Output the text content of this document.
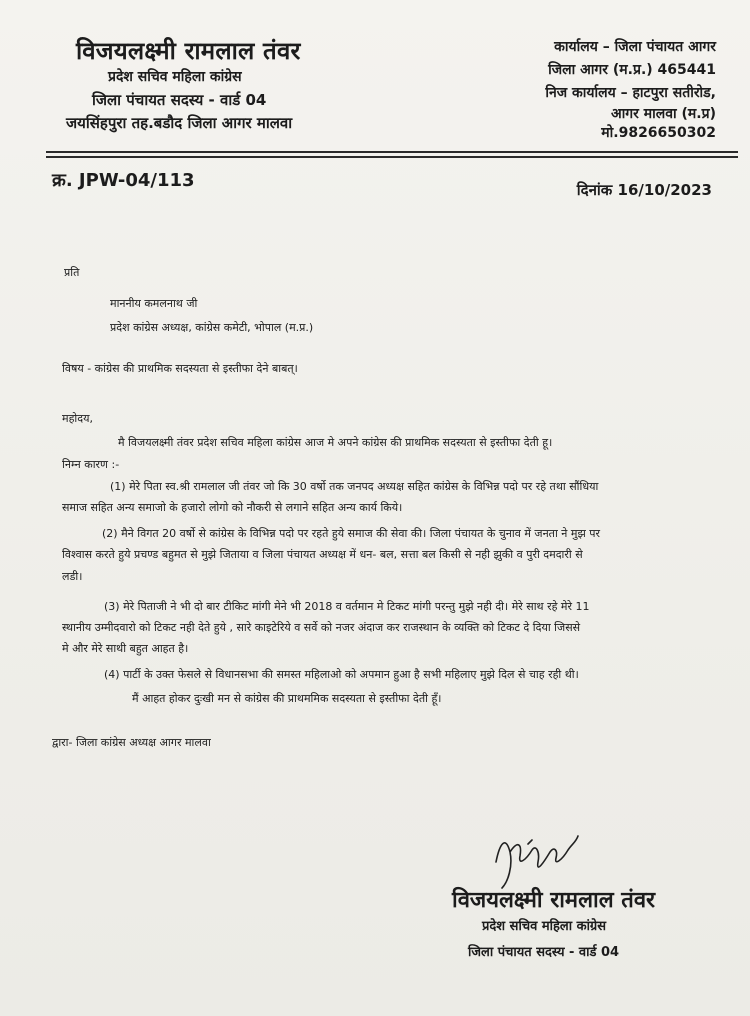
विजयलक्ष्मी रामलाल तंवर
प्रदेश सचिव महिला कांग्रेस
जिला पंचायत सदस्य - वार्ड 04
जयसिंहपुरा तह.बडौद जिला आगर मालवा
कार्यालय – जिला पंचायत आगर
जिला आगर (म.प्र.) 465441
निज कार्यालय – हाटपुरा सतीरोड,
आगर मालवा (म.प्र)
मो.9826650302
क्र. JPW-04/113	दिनांक 16/10/2023
प्रति
माननीय कमलनाथ जी
प्रदेश कांग्रेस अध्यक्ष, कांग्रेस कमेटी, भोपाल (म.प्र.)
विषय - कांग्रेस की प्राथमिक सदस्यता से इस्तीफा देने बाबत्।
महोदय,
मै विजयलक्ष्मी तंवर प्रदेश सचिव महिला कांग्रेस आज मे अपने कांग्रेस की प्राथमिक सदस्यता से इस्तीफा देती हू।
निम्न कारण :-
(1) मेरे पिता स्व.श्री रामलाल जी तंवर जो कि 30 वर्षो तक जनपद अध्यक्ष सहित कांग्रेस के विभिन्न पदो पर रहे तथा सौंधिया
समाज सहित अन्य समाजो के हजारो लोगो को नौकरी से लगाने सहित अन्य कार्य किये।
(2) मैने विगत 20 वर्षो से कांग्रेस के विभिन्न पदो पर रहते हुये समाज की सेवा की। जिला पंचायत के चुनाव में जनता ने मुझ पर
विश्वास करते हुये प्रचण्ड बहुमत से मुझे जिताया व जिला पंचायत अध्यक्ष में धन- बल, सत्ता बल किसी से नही झुकी व पुरी दमदारी से
लडी।
(3) मेरे पिताजी ने भी दो बार टीकिट मांगी मेने भी 2018 व वर्तमान मे टिकट मांगी परन्तु मुझे नही दी। मेरे साथ रहे मेरे 11
स्थानीय उम्मीदवारो को टिकट नही देते हुये , सारे काइटेरिये व सर्वे को नजर अंदाज कर राजस्थान के व्यक्ति को टिकट दे दिया जिससे
मे और मेरे साथी बहुत आहत है।
(4) पार्टी के उक्त फेसले से विधानसभा की समस्त महिलाओ को अपमान हुआ है सभी महिलाए मुझे दिल से चाह रही थी।
मैं आहत होकर दुःखी मन से कांग्रेस की प्राथममिक सदस्यता से इस्तीफा देती हूँ।
द्वारा- जिला कांग्रेस अध्यक्ष आगर मालवा
विजयलक्ष्मी रामलाल तंवर
प्रदेश सचिव महिला कांग्रेस
जिला पंचायत सदस्य - वार्ड 04
